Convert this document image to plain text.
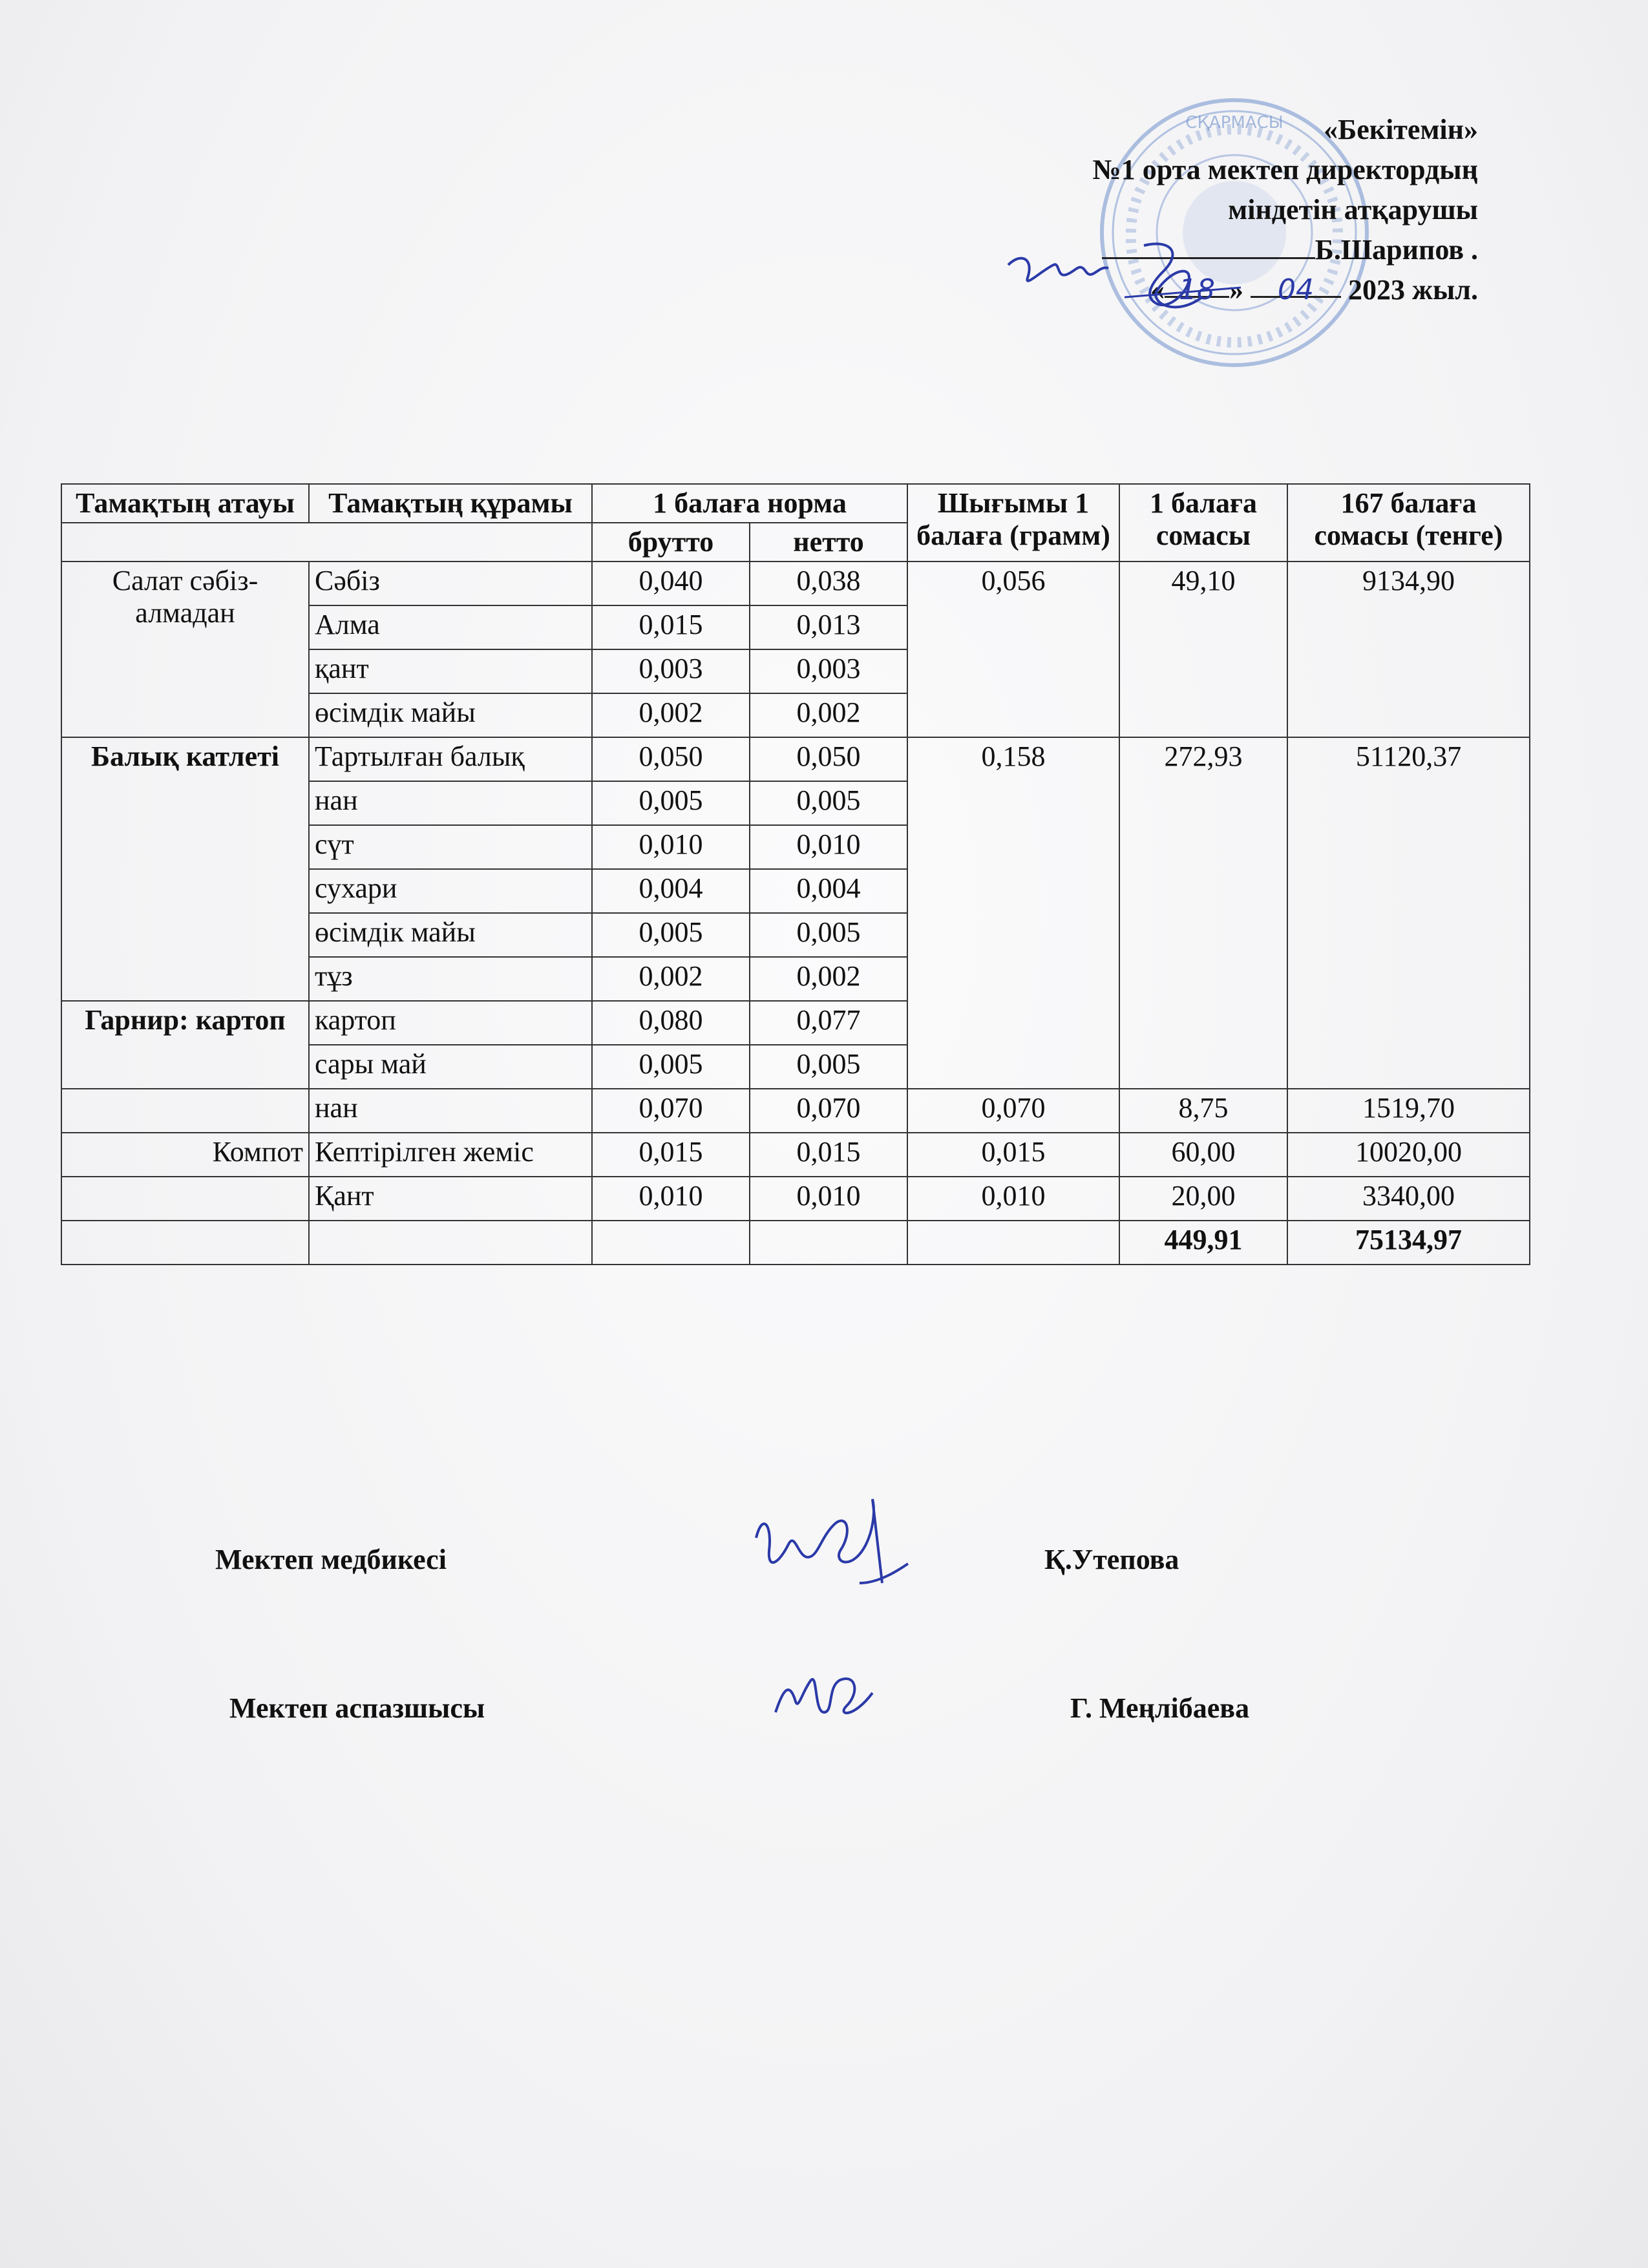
СҚАРМАСЫ	«Бекітемін»
№1 орта мектеп директордың
міндетін атқарушы
Б.Шарипов .
« 18 » 04 2023 жыл.
Тамақтың атауы	Тамақтың құрамы	1 балаға норма		Шығымы 1 балаға (грамм)	1 балаға сомасы	167 балаға сомасы (тенге)
		брутто	нетто			

Салат сәбіз-алмадан	Сәбіз	0,040	0,038	0,056	49,10	9134,90
	Алма	0,015	0,013			
	қант	0,003	0,003			
	өсімдік майы	0,002	0,002			
Балық катлеті	Тартылған балық	0,050	0,050	0,158	272,93	51120,37
	нан	0,005	0,005			
	сүт	0,010	0,010			
	сухари	0,004	0,004			
	өсімдік майы	0,005	0,005			
	тұз	0,002	0,002			
Гарнир: картоп	картоп	0,080	0,077			
	сары май	0,005	0,005			
	нан	0,070	0,070	0,070	8,75	1519,70
Компот	Кептірілген жеміс	0,015	0,015	0,015	60,00	10020,00
	Қант	0,010	0,010	0,010	20,00	3340,00
					449,91	75134,97
Мектеп медбикесі	Қ.Утепова
Мектеп аспазшысы	Г. Меңлібаева
